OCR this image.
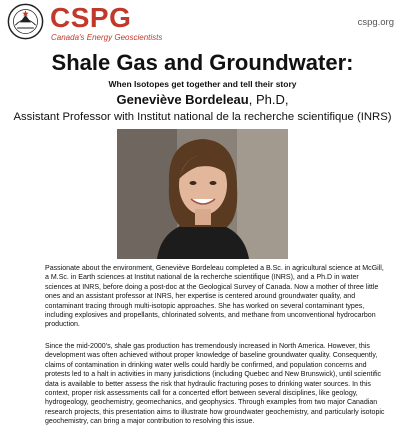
CSPG
Canada's Energy Geoscientists
cspg.org
Shale Gas and Groundwater:
When Isotopes get together and tell their story
Geneviève Bordeleau, Ph.D,
Assistant Professor with Institut national de la recherche scientifique (INRS)

Passionate about the environment, Geneviève Bordeleau completed a B.Sc. in agricultural science at McGill, a M.Sc. in Earth sciences at Institut national de la recherche scientifique (INRS), and a Ph.D in water sciences at INRS, before doing a post-doc at the Geological Survey of Canada. Now a mother of three little ones and an assistant professor at INRS, her expertise is centered around groundwater quality, and contaminant tracing through multi-isotopic approaches. She has worked on several contaminant types, including explosives and propellants, chlorinated solvents, and methane from unconventional hydrocarbon production.

Since the mid-2000's, shale gas production has tremendously increased in North America. However, this development was often achieved without proper knowledge of baseline groundwater quality. Consequently, claims of contamination in drinking water wells could hardly be confirmed, and population concerns and protests led to a halt in activities in many jurisdictions (including Quebec and New Brunswick), until scientific data is available to better assess the risk that hydraulic fracturing poses to drinking water sources. In this context, proper risk assessments call for a concerted effort between several disciplines, like geology, hydrogeology, geochemistry, geomechanics, and geophysics. Through examples from two major Canadian research projects, this presentation aims to illustrate how groundwater geochemistry, and particularly isotopic geochemistry, can bring a major contribution to resolving this issue.
